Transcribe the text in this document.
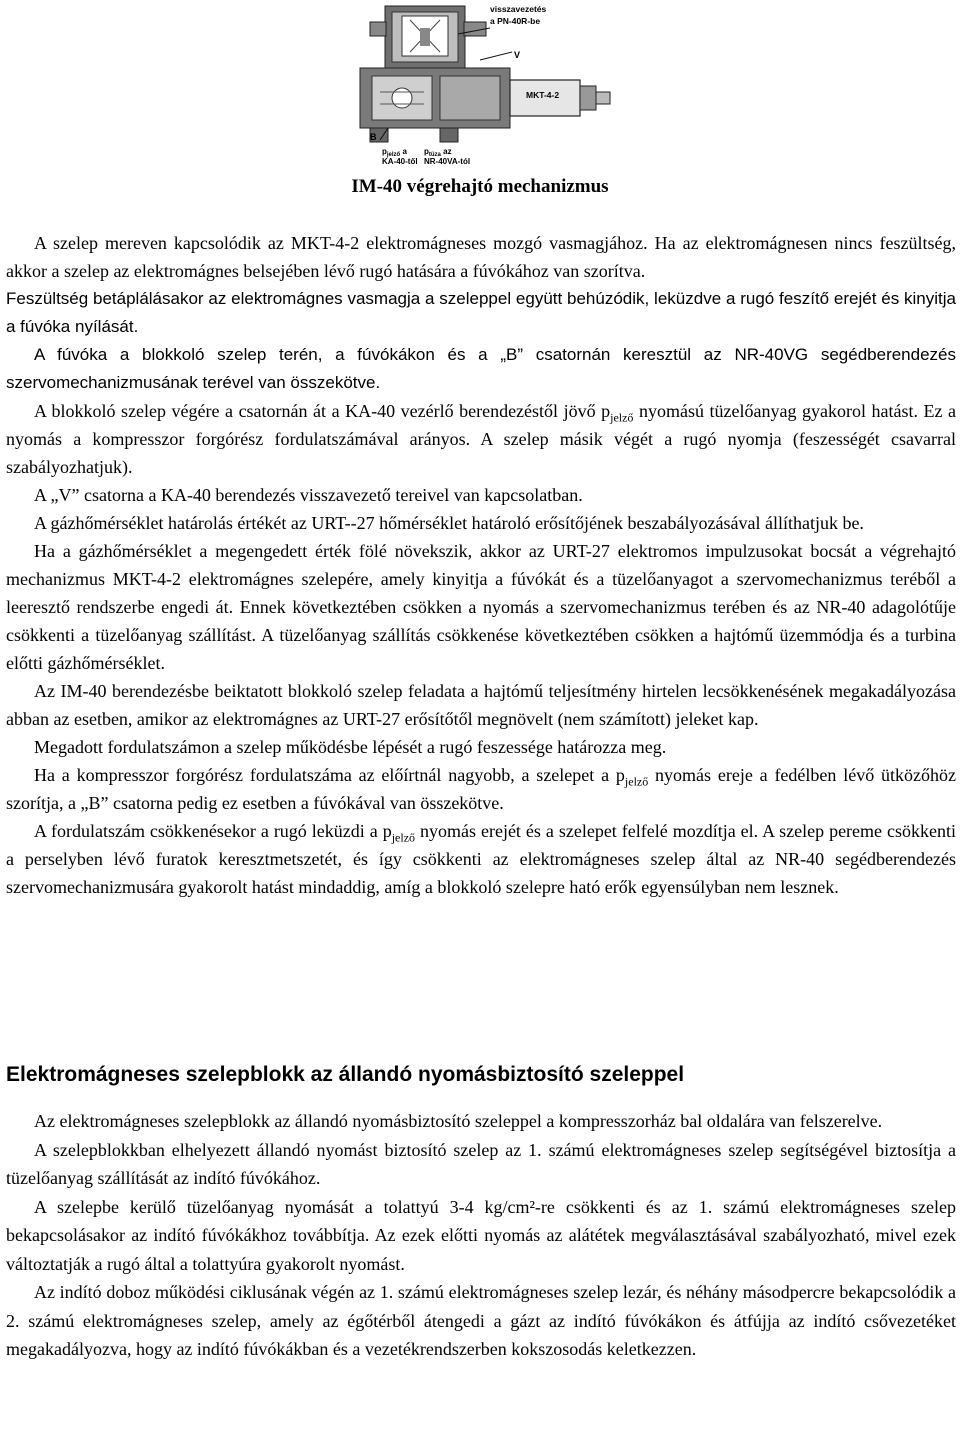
visszavezetés
a PN-40R-be
V
MKT-4-2
B
$p_{jelző}$ a
KA-40-től
$p_{tüzа}$ az
NR-40VA-tól
IM-40 végrehajtó mechanizmus

A szelep mereven kapcsolódik az MKT-4-2 elektromágneses mozgó vasmagjához. Ha az elektromágnesen nincs feszültség, akkor a szelep az elektromágnes belsejében lévő rugó hatására a fúvókához van szorítva.

Feszültség betáplálásakor az elektromágnes vasmagja a szeleppel együtt behúzódik, leküzdve a rugó feszítő erejét és kinyitja a fúvóka nyílását.

A fúvóka a blokkoló szelep terén, a fúvókákon és a „B” csatornán keresztül az NR-40VG segédberendezés szervomechanizmusának terével van összekötve.

A blokkoló szelep végére a csatornán át a KA-40 vezérlő berendezéstől jövő $p_{jelző}$ nyomású tüzelőanyag gyakorol hatást. Ez a nyomás a kompresszor forgórész fordulatszámával arányos. A szelep másik végét a rugó nyomja (feszességét csavarral szabályozhatjuk).

A „V” csatorna a KA-40 berendezés visszavezető tereivel van kapcsolatban.

A gázhőmérséklet határolás értékét az URT--27 hőmérséklet határoló erősítőjének beszabályozásával állíthatjuk be.

Ha a gázhőmérséklet a megengedett érték fölé növekszik, akkor az URT-27 elektromos impulzusokat bocsát a végrehajtó mechanizmus MKT-4-2 elektromágnes szelepére, amely kinyitja a fúvókát és a tüzelőanyagot a szervomechanizmus teréből a leeresztő rendszerbe engedi át. Ennek következtében csökken a nyomás a szervomechanizmus terében és az NR-40 adagolótűje csökkenti a tüzelőanyag szállítást. A tüzelőanyag szállítás csökkenése következtében csökken a hajtómű üzemmódja és a turbina előtti gázhőmérséklet.

Az IM-40 berendezésbe beiktatott blokkoló szelep feladata a hajtómű teljesítmény hirtelen lecsökkenésének megakadályozása abban az esetben, amikor az elektromágnes az URT-27 erősítőtől megnövelt (nem számított) jeleket kap.

Megadott fordulatszámon a szelep működésbe lépését a rugó feszessége határozza meg.

Ha a kompresszor forgórész fordulatszáma az előírtnál nagyobb, a szelepet a $p_{jelző}$ nyomás ereje a fedélben lévő ütközőhöz szorítja, a „B” csatorna pedig ez esetben a fúvókával van összekötve.

A fordulatszám csökkenésekor a rugó leküzdi a $p_{jelző}$ nyomás erejét és a szelepet felfelé mozdítja el. A szelep pereme csökkenti a perselyben lévő furatok keresztmetszetét, és így csökkenti az elektromágneses szelep által az NR-40 segédberendezés szervomechanizmusára gyakorolt hatást mindaddig, amíg a blokkoló szelepre ható erők egyensúlyban nem lesznek.

Elektromágneses szelepblokk az állandó nyomásbiztosító szeleppel

Az elektromágneses szelepblokk az állandó nyomásbiztosító szeleppel a kompresszorház bal oldalára van felszerelve.

A szelepblokkban elhelyezett állandó nyomást biztosító szelep az 1. számú elektromágneses szelep segítségével biztosítja a tüzelőanyag szállítását az indító fúvókához.

A szelepbe kerülő tüzelőanyag nyomását a tolattyú 3-4 kg/cm²-re csökkenti és az 1. számú elektromágneses szelep bekapcsolásakor az indító fúvókákhoz továbbítja. Az ezek előtti nyomás az alátétek megválasztásával szabályozható, mivel ezek változtatják a rugó által a tolattyúra gyakorolt nyomást.

Az indító doboz működési ciklusának végén az 1. számú elektromágneses szelep lezár, és néhány másodpercre bekapcsolódik a 2. számú elektromágneses szelep, amely az égőtérből átengedi a gázt az indító fúvókákon és átfújja az indító csővezetéket megakadályozva, hogy az indító fúvókákban és a vezetékrendszerben kokszosodás keletkezzen.
